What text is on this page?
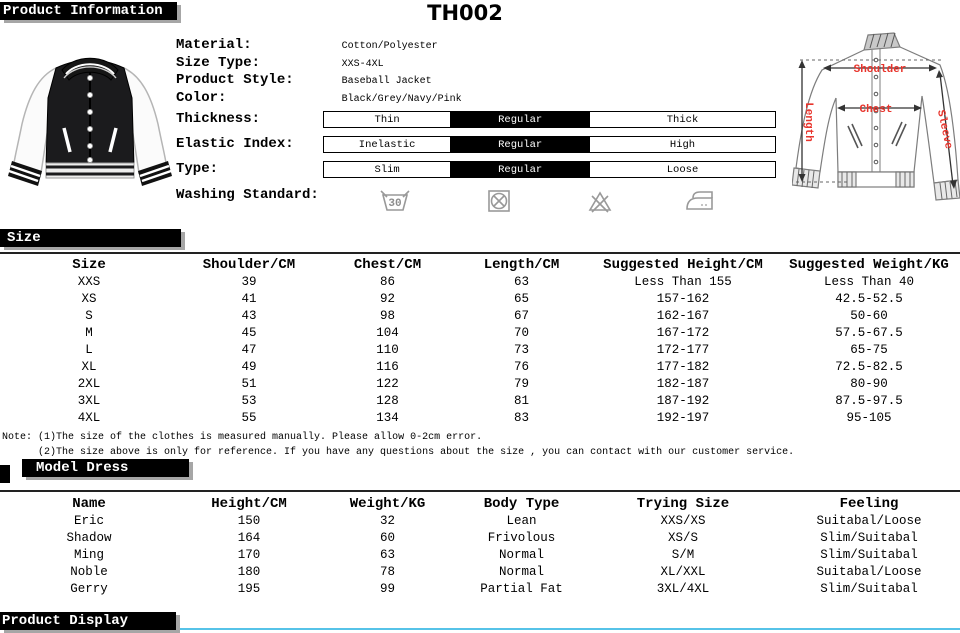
Product Information	TH002
Material:	Cotton/Polyester
Size Type:	XXS-4XL
Product Style:	Baseball Jacket
Color:	Black/Grey/Navy/Pink
Thickness:	Thin	Regular	Thick
Elastic Index:	Inelastic	Regular	High
Type:	Slim	Regular	Loose
Washing Standard:
30
Shoulder
Chest
Length	Sleeve
Size
Size	Shoulder/CM	Chest/CM	Length/CM	Suggested Height/CM	Suggested Weight/KG
XXS	39	86	63	Less Than 155	Less Than 40
XS	41	92	65	157-162	42.5-52.5
S	43	98	67	162-167	50-60
M	45	104	70	167-172	57.5-67.5
L	47	110	73	172-177	65-75
XL	49	116	76	177-182	72.5-82.5
2XL	51	122	79	182-187	80-90
3XL	53	128	81	187-192	87.5-97.5
4XL	55	134	83	192-197	95-105
Note: (1)The size of the clothes is measured manually. Please allow 0-2cm error.
(2)The size above is only for reference. If you have any questions about the size , you can contact with our customer service.
Model Dress
Name	Height/CM	Weight/KG	Body Type	Trying Size	Feeling
Eric	150	32	Lean	XXS/XS	Suitabal/Loose
Shadow	164	60	Frivolous	XS/S	Slim/Suitabal
Ming	170	63	Normal	S/M	Slim/Suitabal
Noble	180	78	Normal	XL/XXL	Suitabal/Loose
Gerry	195	99	Partial Fat	3XL/4XL	Slim/Suitabal
Product Display
